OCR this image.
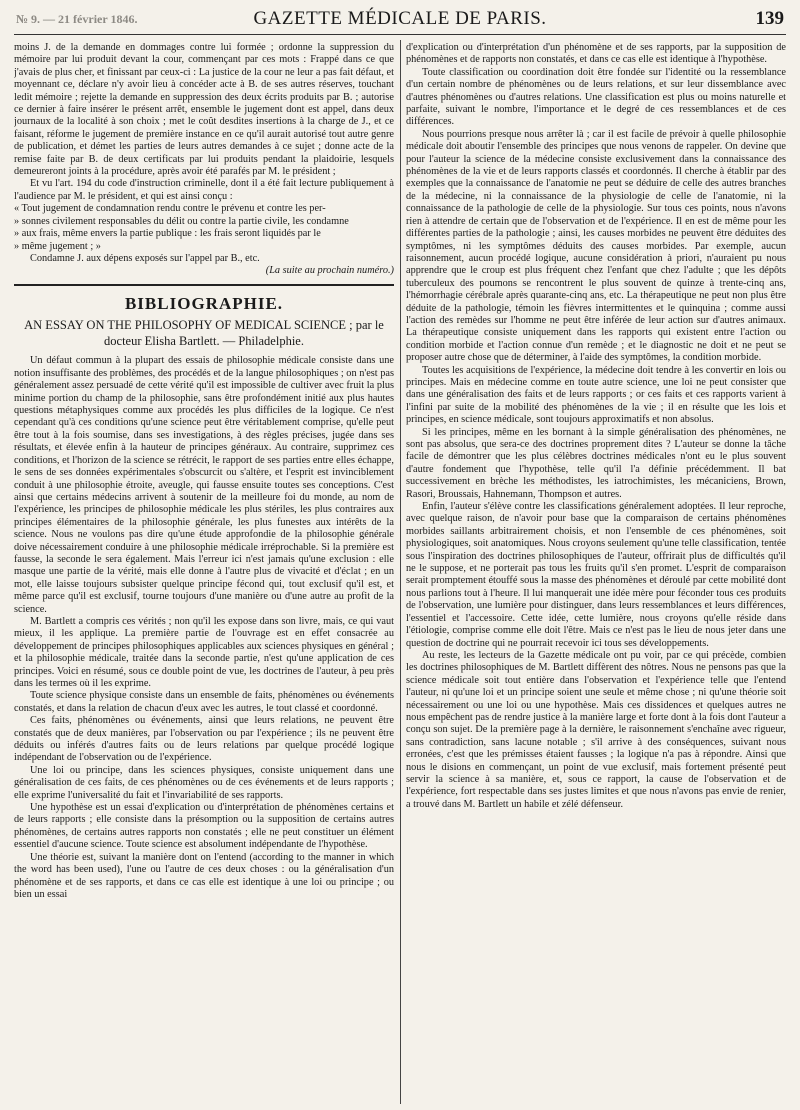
№ 9. — 21 février 1846.	GAZETTE MÉDICALE DE PARIS.	139

moins J. de la demande en dommages contre lui formée ; ordonne la suppression du mémoire par lui produit devant la cour, commençant par ces mots : Frappé dans ce que j'avais de plus cher, et finissant par ceux-ci : La justice de la cour ne leur a pas fait défaut, et moyennant ce, déclare n'y avoir lieu à concéder acte à B. de ses autres réserves, touchant ledit mémoire ; rejette la demande en suppression des deux écrits produits par B. ; autorise ce dernier à faire insérer le présent arrêt, ensemble le jugement dont est appel, dans deux journaux de la localité à son choix ; met le coût desdites insertions à la charge de J., et ce faisant, réforme le jugement de première instance en ce qu'il aurait autorisé tout autre genre de publication, et démet les parties de leurs autres demandes à ce sujet ; donne acte de la remise faite par B. de deux certificats par lui produits pendant la plaidoirie, lesquels demeureront joints à la procédure, après avoir été parafés par M. le président ;

Et vu l'art. 194 du code d'instruction criminelle, dont il a été fait lecture publiquement à l'audience par M. le président, et qui est ainsi conçu :

« Tout jugement de condamnation rendu contre le prévenu et contre les per-

» sonnes civilement responsables du délit ou contre la partie civile, les condamne

» aux frais, même envers la partie publique : les frais seront liquidés par le

» même jugement ; »

Condamne J. aux dépens exposés sur l'appel par B., etc.

(La suite au prochain numéro.)

BIBLIOGRAPHIE.
AN ESSAY ON THE PHILOSOPHY OF MEDICAL SCIENCE ; par le docteur Elisha Bartlett. — Philadelphie.

Un défaut commun à la plupart des essais de philosophie médicale consiste dans une notion insuffisante des problèmes, des procédés et de la langue philosophiques ; on n'est pas généralement assez persuadé de cette vérité qu'il est impossible de cultiver avec fruit la plus minime portion du champ de la philosophie, sans être profondément initié aux plus hautes questions métaphysiques comme aux procédés les plus difficiles de la logique. Ce n'est cependant qu'à ces conditions qu'une science peut être véritablement comprise, qu'elle peut être tout à la fois soumise, dans ses investigations, à des règles précises, jugée dans ses résultats, et élevée enfin à la hauteur de principes généraux. Au contraire, supprimez ces conditions, et l'horizon de la science se rétrécit, le rapport de ses parties entre elles échappe, le sens de ses données expérimentales s'obscurcit ou s'altère, et l'esprit est invinciblement conduit à une philosophie étroite, aveugle, qui fausse ensuite toutes ses conceptions. C'est ainsi que certains médecins arrivent à soutenir de la meilleure foi du monde, au nom de l'expérience, les principes de philosophie médicale les plus stériles, les plus contraires aux principes élémentaires de la philosophie générale, les plus funestes aux intérêts de la science. Nous ne voulons pas dire qu'une étude approfondie de la philosophie générale doive nécessairement conduire à une philosophie médicale irréprochable. Si la première est fausse, la seconde le sera également. Mais l'erreur ici n'est jamais qu'une exclusion : elle masque une partie de la vérité, mais elle donne à l'autre plus de vivacité et d'éclat ; en un mot, elle laisse toujours subsister quelque principe fécond qui, tout exclusif qu'il est, et même parce qu'il est exclusif, tourne toujours d'une manière ou d'une autre au profit de la science.

M. Bartlett a compris ces vérités ; non qu'il les expose dans son livre, mais, ce qui vaut mieux, il les applique. La première partie de l'ouvrage est en effet consacrée au développement de principes philosophiques applicables aux sciences physiques en général ; et la philosophie médicale, traitée dans la seconde partie, n'est qu'une application de ces principes. Voici en résumé, sous ce double point de vue, les doctrines de l'auteur, à peu près dans les termes où il les exprime.

Toute science physique consiste dans un ensemble de faits, phénomènes ou événements constatés, et dans la relation de chacun d'eux avec les autres, le tout classé et coordonné.

Ces faits, phénomènes ou événements, ainsi que leurs relations, ne peuvent être constatés que de deux manières, par l'observation ou par l'expérience ; ils ne peuvent être déduits ou inférés d'autres faits ou de leurs relations par quelque procédé logique indépendant de l'observation ou de l'expérience.

Une loi ou principe, dans les sciences physiques, consiste uniquement dans une généralisation de ces faits, de ces phénomènes ou de ces événements et de leurs rapports ; elle exprime l'universalité du fait et l'invariabilité de ses rapports.

Une hypothèse est un essai d'explication ou d'interprétation de phénomènes certains et de leurs rapports ; elle consiste dans la présomption ou la supposition de certains autres phénomènes, de certains autres rapports non constatés ; elle ne peut constituer un élément essentiel d'aucune science. Toute science est absolument indépendante de l'hypothèse.

Une théorie est, suivant la manière dont on l'entend (according to the manner in which the word has been used), l'une ou l'autre de ces deux choses : ou la généralisation d'un phénomène et de ses rapports, et dans ce cas elle est identique à une loi ou principe ; ou bien un essai

d'explication ou d'interprétation d'un phénomène et de ses rapports, par la supposition de phénomènes et de rapports non constatés, et dans ce cas elle est identique à l'hypothèse.

Toute classification ou coordination doit être fondée sur l'identité ou la ressemblance d'un certain nombre de phénomènes ou de leurs relations, et sur leur dissemblance avec d'autres phénomènes ou d'autres relations. Une classification est plus ou moins naturelle et parfaite, suivant le nombre, l'importance et le degré de ces ressemblances et de ces différences.

Nous pourrions presque nous arrêter là ; car il est facile de prévoir à quelle philosophie médicale doit aboutir l'ensemble des principes que nous venons de rappeler. On devine que pour l'auteur la science de la médecine consiste exclusivement dans la connaissance des phénomènes de la vie et de leurs rapports classés et coordonnés. Il cherche à établir par des exemples que la connaissance de l'anatomie ne peut se déduire de celle des autres branches de la médecine, ni la connaissance de la physiologie de celle de l'anatomie, ni la connaissance de la pathologie de celle de la physiologie. Sur tous ces points, nous n'avons rien à attendre de certain que de l'observation et de l'expérience. Il en est de même pour les différentes parties de la pathologie ; ainsi, les causes morbides ne peuvent être déduites des symptômes, ni les symptômes déduits des causes morbides. Par exemple, aucun raisonnement, aucun procédé logique, aucune considération à priori, n'auraient pu nous apprendre que le croup est plus fréquent chez l'enfant que chez l'adulte ; que les dépôts tuberculeux des poumons se rencontrent le plus souvent de quinze à trente-cinq ans, l'hémorrhagie cérébrale après quarante-cinq ans, etc. La thérapeutique ne peut non plus être déduite de la pathologie, témoin les fièvres intermittentes et le quinquina ; comme aussi l'action des remèdes sur l'homme ne peut être inférée de leur action sur d'autres animaux. La thérapeutique consiste uniquement dans les rapports qui existent entre l'action ou condition morbide et l'action connue d'un remède ; et le diagnostic ne doit et ne peut se proposer autre chose que de déterminer, à l'aide des symptômes, la condition morbide.

Toutes les acquisitions de l'expérience, la médecine doit tendre à les convertir en lois ou principes. Mais en médecine comme en toute autre science, une loi ne peut consister que dans une généralisation des faits et de leurs rapports ; or ces faits et ces rapports varient à l'infini par suite de la mobilité des phénomènes de la vie ; il en résulte que les lois et principes, en science médicale, sont toujours approximatifs et non absolus.

Si les principes, même en les bornant à la simple généralisation des phénomènes, ne sont pas absolus, que sera-ce des doctrines proprement dites ? L'auteur se donne la tâche facile de démontrer que les plus célèbres doctrines médicales n'ont eu le plus souvent d'autre fondement que l'hypothèse, telle qu'il l'a définie précédemment. Il bat successivement en brèche les méthodistes, les iatrochimistes, les mécaniciens, Brown, Rasori, Broussais, Hahnemann, Thompson et autres.

Enfin, l'auteur s'élève contre les classifications généralement adoptées. Il leur reproche, avec quelque raison, de n'avoir pour base que la comparaison de certains phénomènes morbides saillants arbitrairement choisis, et non l'ensemble de ces phénomènes, soit physiologiques, soit anatomiques. Nous croyons seulement qu'une telle classification, tentée sous l'inspiration des doctrines philosophiques de l'auteur, offrirait plus de difficultés qu'il ne le suppose, et ne porterait pas tous les fruits qu'il s'en promet. L'esprit de comparaison serait promptement étouffé sous la masse des phénomènes et déroulé par cette mobilité dont nous parlions tout à l'heure. Il lui manquerait une idée mère pour féconder tous ces produits de l'observation, une lumière pour distinguer, dans leurs ressemblances et leurs différences, l'essentiel et l'accessoire. Cette idée, cette lumière, nous croyons qu'elle réside dans l'étiologie, comprise comme elle doit l'être. Mais ce n'est pas le lieu de nous jeter dans une question de doctrine qui ne pourrait recevoir ici tous ses développements.

Au reste, les lecteurs de la Gazette médicale ont pu voir, par ce qui précède, combien les doctrines philosophiques de M. Bartlett diffèrent des nôtres. Nous ne pensons pas que la science médicale soit tout entière dans l'observation et l'expérience telle que l'entend l'auteur, ni qu'une loi et un principe soient une seule et même chose ; ni qu'une théorie soit nécessairement ou une loi ou une hypothèse. Mais ces dissidences et quelques autres ne nous empêchent pas de rendre justice à la manière large et forte dont à la fois dont l'auteur a conçu son sujet. De la première page à la dernière, le raisonnement s'enchaîne avec rigueur, sans contradiction, sans lacune notable ; s'il arrive à des conséquences, suivant nous erronées, c'est que les prémisses étaient fausses ; la logique n'a pas à répondre. Ainsi que nous le disions en commençant, un point de vue exclusif, mais fortement présenté peut servir la science à sa manière, et, sous ce rapport, la cause de l'observation et de l'expérience, fort respectable dans ses justes limites et que nous n'avons pas envie de renier, a trouvé dans M. Bartlett un habile et zélé défenseur.
